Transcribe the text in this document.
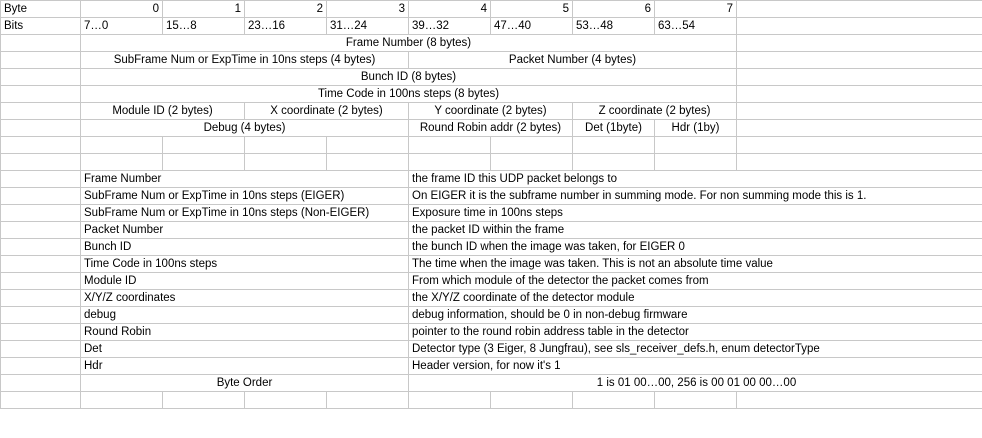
Byte	0	1	2	3	4	5	6	7	
Bits	7…0	15…8	23…16	31…24	39…32	47…40	53…48	63…54	
	Frame Number (8 bytes)								
	SubFrame Num or ExpTime in 10ns steps (4 bytes)				Packet Number (4 bytes)				
	Bunch ID (8 bytes)								
	Time Code in 100ns steps (8 bytes)								
	Module ID (2 bytes)		X coordinate (2 bytes)		Y coordinate (2 bytes)		Z coordinate (2 bytes)		
	Debug (4 bytes)				Round Robin addr (2 bytes)		Det (1byte)	Hdr (1by)	

	Frame Number				the frame ID this UDP packet belongs to				
	SubFrame Num or ExpTime in 10ns steps (EIGER)				On EIGER it is the subframe number in summing mode. For non summing mode this is 1.				
	SubFrame Num or ExpTime in 10ns steps (Non-EIGER)				Exposure time in 100ns steps				
	Packet Number				the packet ID within the frame				
	Bunch ID				the bunch ID when the image was taken, for EIGER 0				
	Time Code in 100ns steps				The time when the image was taken. This is not an absolute time value				
	Module ID				From which module of the detector the packet comes from				
	X/Y/Z coordinates				the X/Y/Z coordinate of the detector module				
	debug				debug information, should be 0 in non-debug firmware				
	Round Robin				pointer to the round robin address table in the detector				
	Det				Detector type (3 Eiger, 8 Jungfrau), see sls_receiver_defs.h, enum detectorType				
	Hdr				Header version, for now it's 1				
	Byte Order				1 is 01 00…00, 256 is 00 01 00 00…00				
